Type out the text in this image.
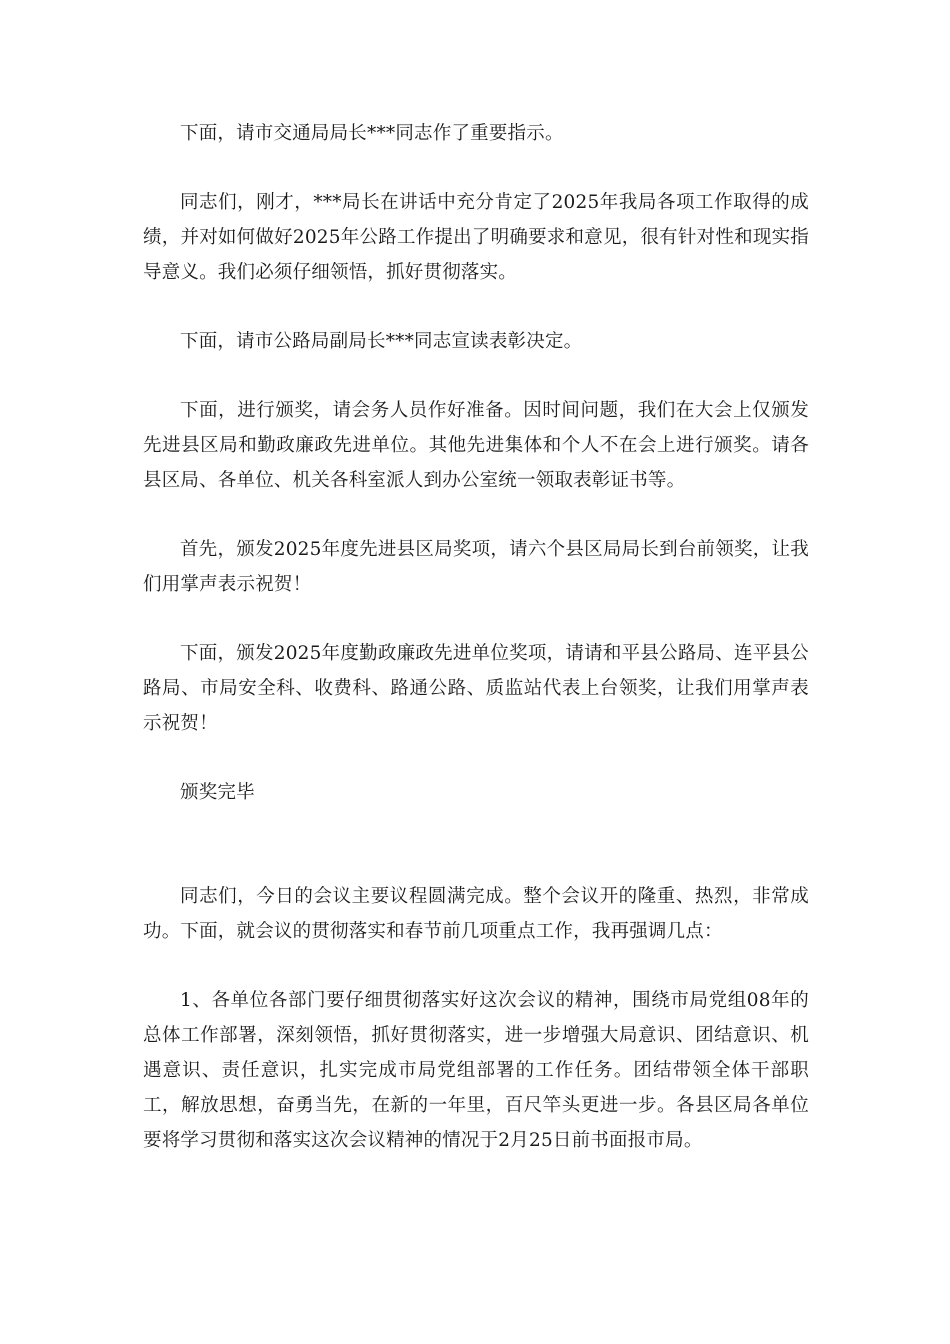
下面，请市交通局局长***同志作了重要指示。

同志们，刚才，***局长在讲话中充分肯定了2025年我局各项工作取得的成绩，并对如何做好2025年公路工作提出了明确要求和意见，很有针对性和现实指导意义。我们必须仔细领悟，抓好贯彻落实。

下面，请市公路局副局长***同志宣读表彰决定。

下面，进行颁奖，请会务人员作好准备。因时间问题，我们在大会上仅颁发先进县区局和勤政廉政先进单位。其他先进集体和个人不在会上进行颁奖。请各县区局、各单位、机关各科室派人到办公室统一领取表彰证书等。

首先，颁发2025年度先进县区局奖项，请六个县区局局长到台前领奖，让我们用掌声表示祝贺！

下面，颁发2025年度勤政廉政先进单位奖项，请请和平县公路局、连平县公路局、市局安全科、收费科、路通公路、质监站代表上台领奖，让我们用掌声表示祝贺！

颁奖完毕

同志们，今日的会议主要议程圆满完成。整个会议开的隆重、热烈，非常成功。下面，就会议的贯彻落实和春节前几项重点工作，我再强调几点：

1、各单位各部门要仔细贯彻落实好这次会议的精神，围绕市局党组08年的总体工作部署，深刻领悟，抓好贯彻落实，进一步增强大局意识、团结意识、机遇意识、责任意识，扎实完成市局党组部署的工作任务。团结带领全体干部职工，解放思想，奋勇当先，在新的一年里，百尺竿头更进一步。各县区局各单位要将学习贯彻和落实这次会议精神的情况于2月25日前书面报市局。
